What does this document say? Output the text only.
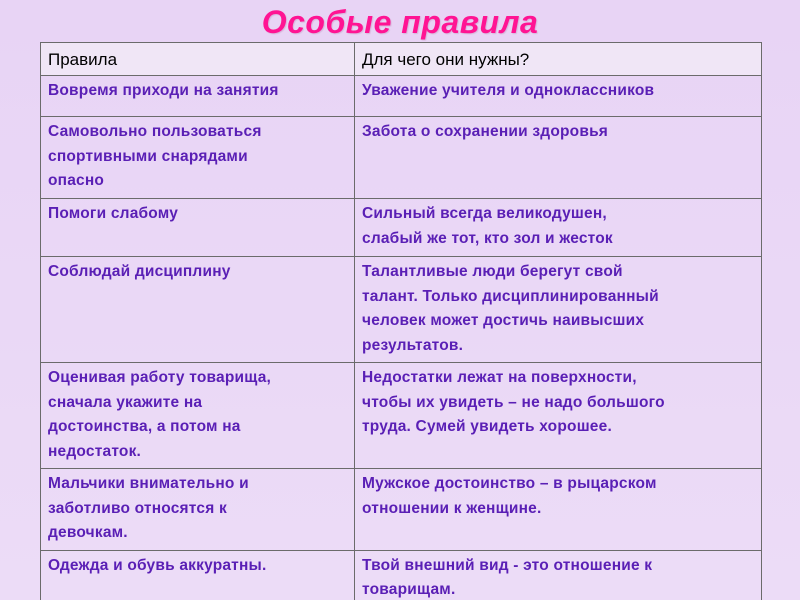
Особые правила
Правила	Для чего они нужны?

Вовремя приходи на занятия	Уважение учителя и одноклассников

Самовольно пользоваться
спортивными снарядами
опасно	Забота о сохранении здоровья

Помоги слабому	Сильный всегда великодушен,
слабый же тот, кто зол и жесток

Соблюдай дисциплину	Талантливые люди берегут свой
талант. Только дисциплинированный
человек может достичь наивысших
результатов.

Оценивая работу товарища,
сначала укажите на
достоинства, а потом на
недостаток.	Недостатки лежат на поверхности,
чтобы их увидеть – не надо большого
труда. Сумей увидеть хорошее.

Мальчики внимательно и
заботливо относятся к
девочкам.	Мужское достоинство – в рыцарском
отношении к женщине.

Одежда и обувь аккуратны.	Твой внешний вид - это отношение к
товарищам.
